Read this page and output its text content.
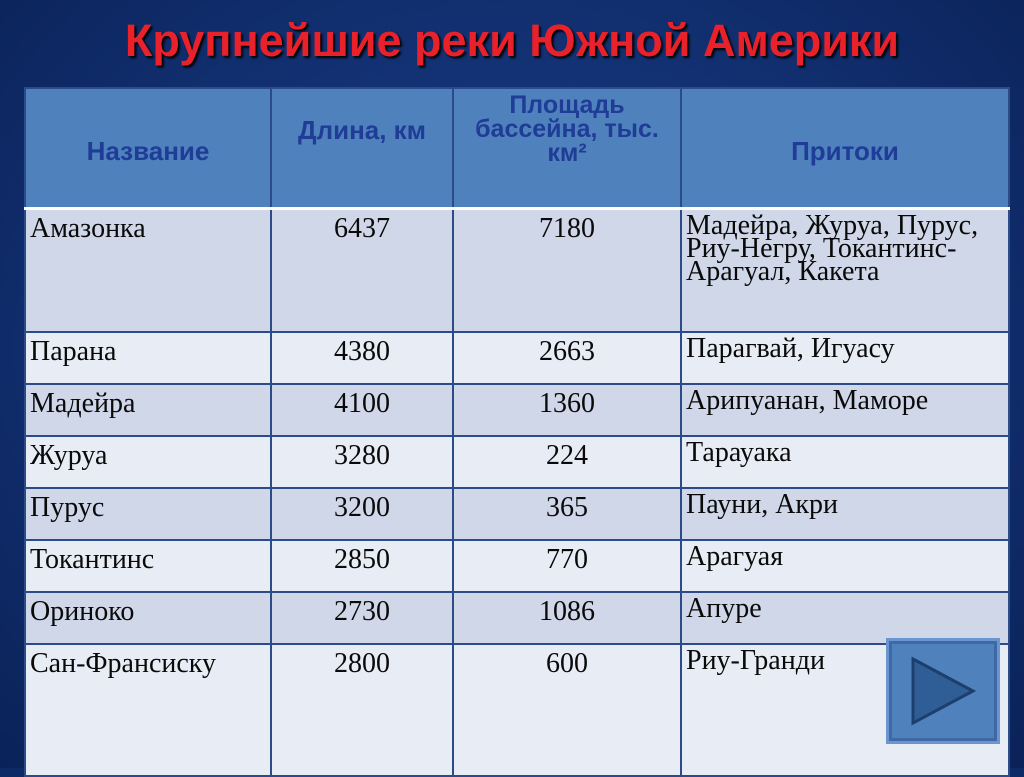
Крупнейшие реки Южной Америки
Название	Длина, км	Площадь бассейна, тыс. км²	Притоки
Амазонка	6437	7180	Мадейра, Журуа, Пурус, Риу-Негру, Токантинс-Арагуал, Какета
Парана	4380	2663	Парагвай, Игуасу
Мадейра	4100	1360	Арипуанан, Маморе
Журуа	3280	224	Тарауака
Пурус	3200	365	Пауни, Акри
Токантинс	2850	770	Арагуая
Ориноко	2730	1086	Апуре
Сан-Франсиску	2800	600	Риу-Гранди
